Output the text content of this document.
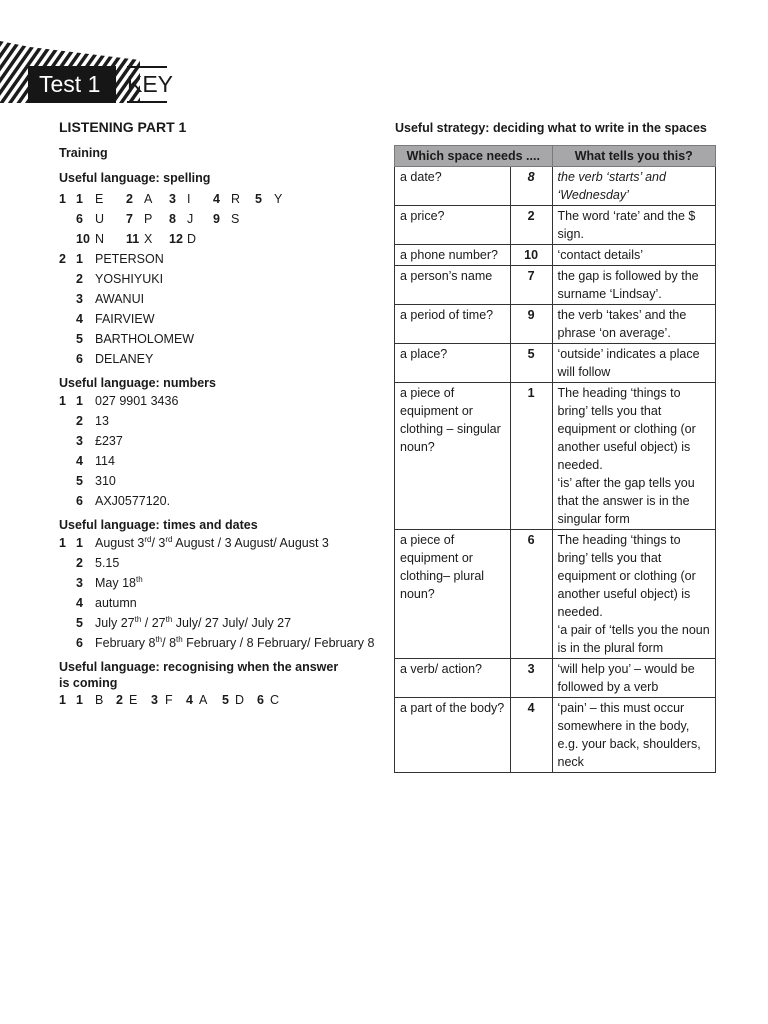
Test 1	KEY
LISTENING PART 1
Training
Useful language: spelling
1 1 E 2 A 3 I 4 R 5 Y
6 U 7 P 8 J 9 S
10 N 11 X 12 D
2 1 PETERSON
2 YOSHIYUKI
3 AWANUI
4 FAIRVIEW
5 BARTHOLOMEW
6 DELANEY
Useful language: numbers
1 1 027 9901 3436
2 13
3 £237
4 114
5 310
6 AXJ0577120.
Useful language: times and dates
1 1 August 3rd/ 3rd August / 3 August/ August 3
2 5.15
3 May 18th
4 autumn
5 July 27th / 27th July/ 27 July/ July 27
6 February 8th/ 8th February / 8 February/ February 8
Useful language: recognising when the answer
is coming
1 1 B 2 E 3 F 4 A 5 D 6 C
Useful strategy: deciding what to write in the spaces
Which space needs ....		What tells you this?
a date?	8	the verb ‘starts’ and ‘Wednesday’
a price?	2	The word ‘rate’ and the $ sign.
a phone number?	10	‘contact details’
a person’s name	7	the gap is followed by the surname ‘Lindsay’.
a period of time?	9	the verb ‘takes’ and the phrase ‘on average’.
a place?	5	‘outside’ indicates a place will follow
a piece of equipment or clothing – singular noun?	1	The heading ‘things to bring’ tells you that equipment or clothing (or another useful object) is needed.
‘is’ after the gap tells you that the answer is in the singular form

a piece of equipment or clothing– plural noun?	6	The heading ‘things to bring’ tells you that equipment or clothing (or another useful object) is needed.
‘a pair of ‘tells you the noun is in the plural form

a verb/ action?	3	‘will help you’ – would be followed by a verb
a part of the body?	4	‘pain’ – this must occur somewhere in the body, e.g. your back, shoulders, neck
